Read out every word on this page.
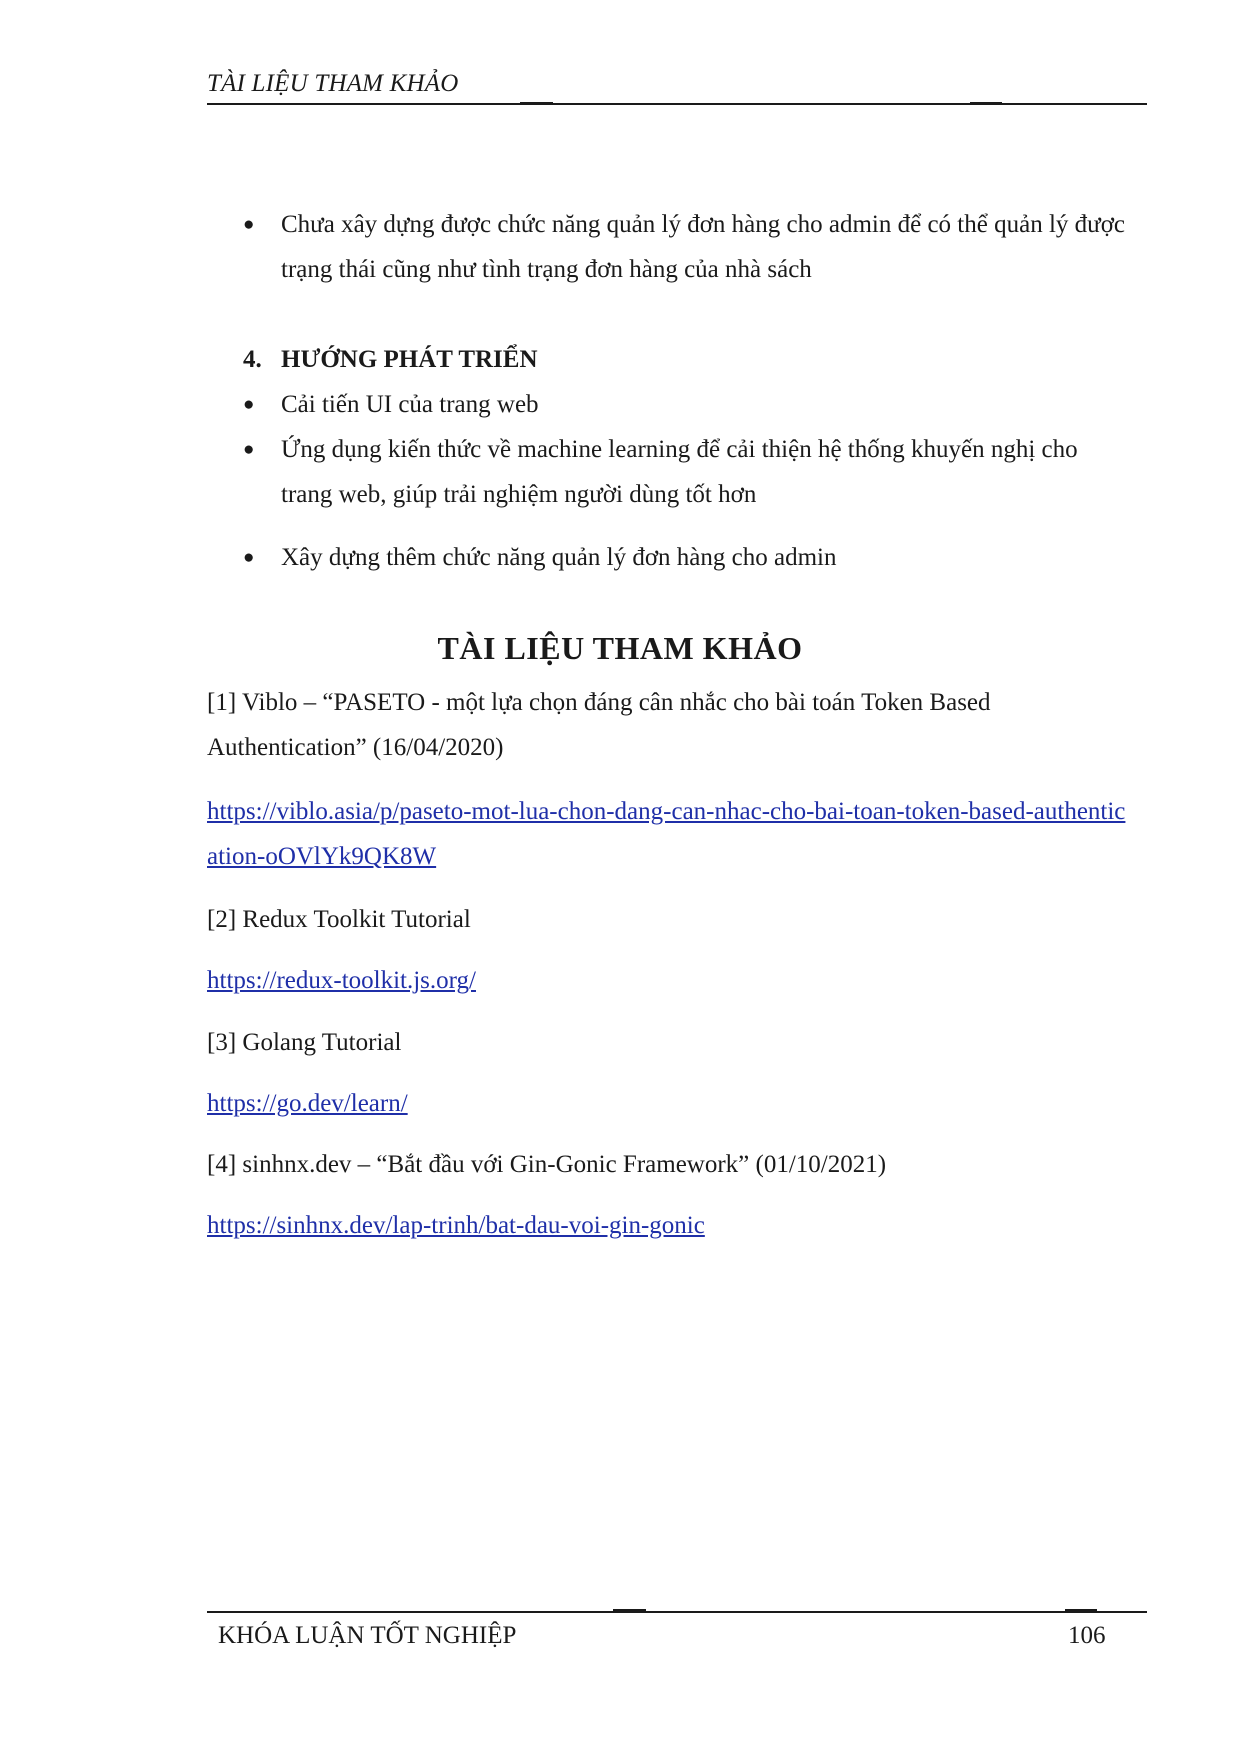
TÀI LIỆU THAM KHẢO
● Chưa xây dựng được chức năng quản lý đơn hàng cho admin để có thể quản lý được trạng thái cũng như tình trạng đơn hàng của nhà sách
4. HƯỚNG PHÁT TRIỂN
● Cải tiến UI của trang web
● Ứng dụng kiến thức về machine learning để cải thiện hệ thống khuyến nghị cho trang web, giúp trải nghiệm người dùng tốt hơn
● Xây dựng thêm chức năng quản lý đơn hàng cho admin
TÀI LIỆU THAM KHẢO
[1] Viblo – “PASETO - một lựa chọn đáng cân nhắc cho bài toán Token Based Authentication” (16/04/2020)
https://viblo.asia/p/paseto-mot-lua-chon-dang-can-nhac-cho-bai-toan-token-based-authentication-oOVlYk9QK8W
[2] Redux Toolkit Tutorial
https://redux-toolkit.js.org/
[3] Golang Tutorial
https://go.dev/learn/
[4] sinhnx.dev – “Bắt đầu với Gin-Gonic Framework” (01/10/2021)
https://sinhnx.dev/lap-trinh/bat-dau-voi-gin-gonic
KHÓA LUẬN TỐT NGHIỆP	106
